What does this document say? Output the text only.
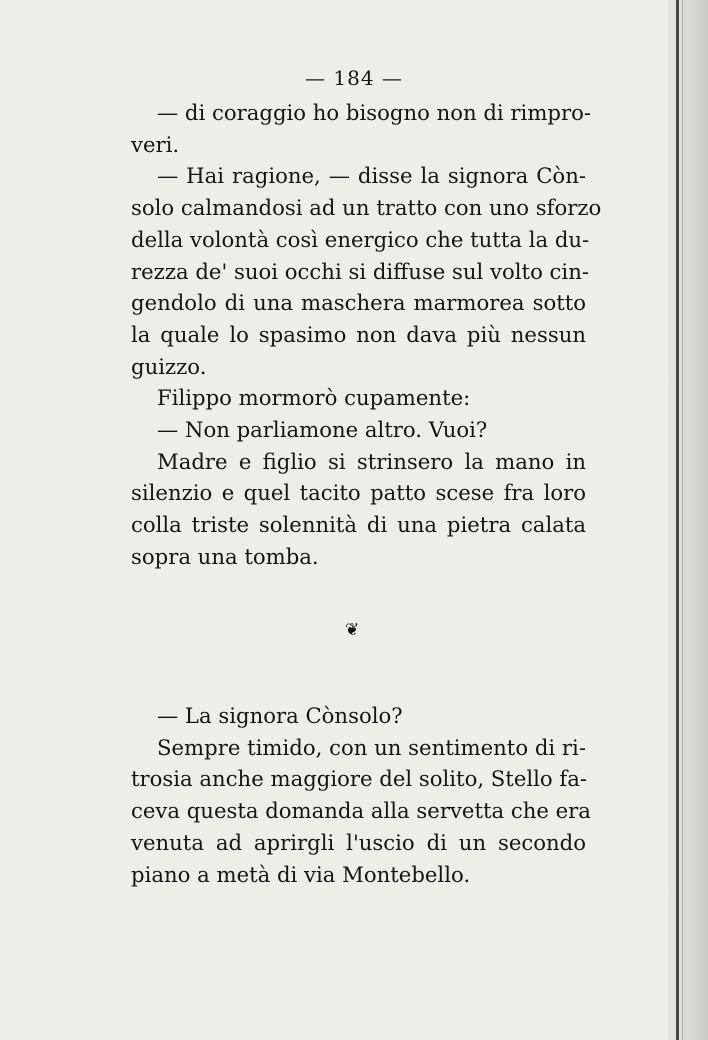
— 184 —
— di coraggio ho bisogno non di rimpro-
veri.
— Hai ragione, — disse la signora Còn-
solo calmandosi ad un tratto con uno sforzo
della volontà così energico che tutta la du-
rezza de' suoi occhi si diffuse sul volto cin-
gendolo di una maschera marmorea sotto
la quale lo spasimo non dava più nessun
guizzo.
Filippo mormorò cupamente:
— Non parliamone altro. Vuoi?
Madre e figlio si strinsero la mano in
silenzio e quel tacito patto scese fra loro
colla triste solennità di una pietra calata
sopra una tomba.
❦
— La signora Cònsolo?
Sempre timido, con un sentimento di ri-
trosia anche maggiore del solito, Stello fa-
ceva questa domanda alla servetta che era
venuta ad aprirgli l'uscio di un secondo
piano a metà di via Montebello.
